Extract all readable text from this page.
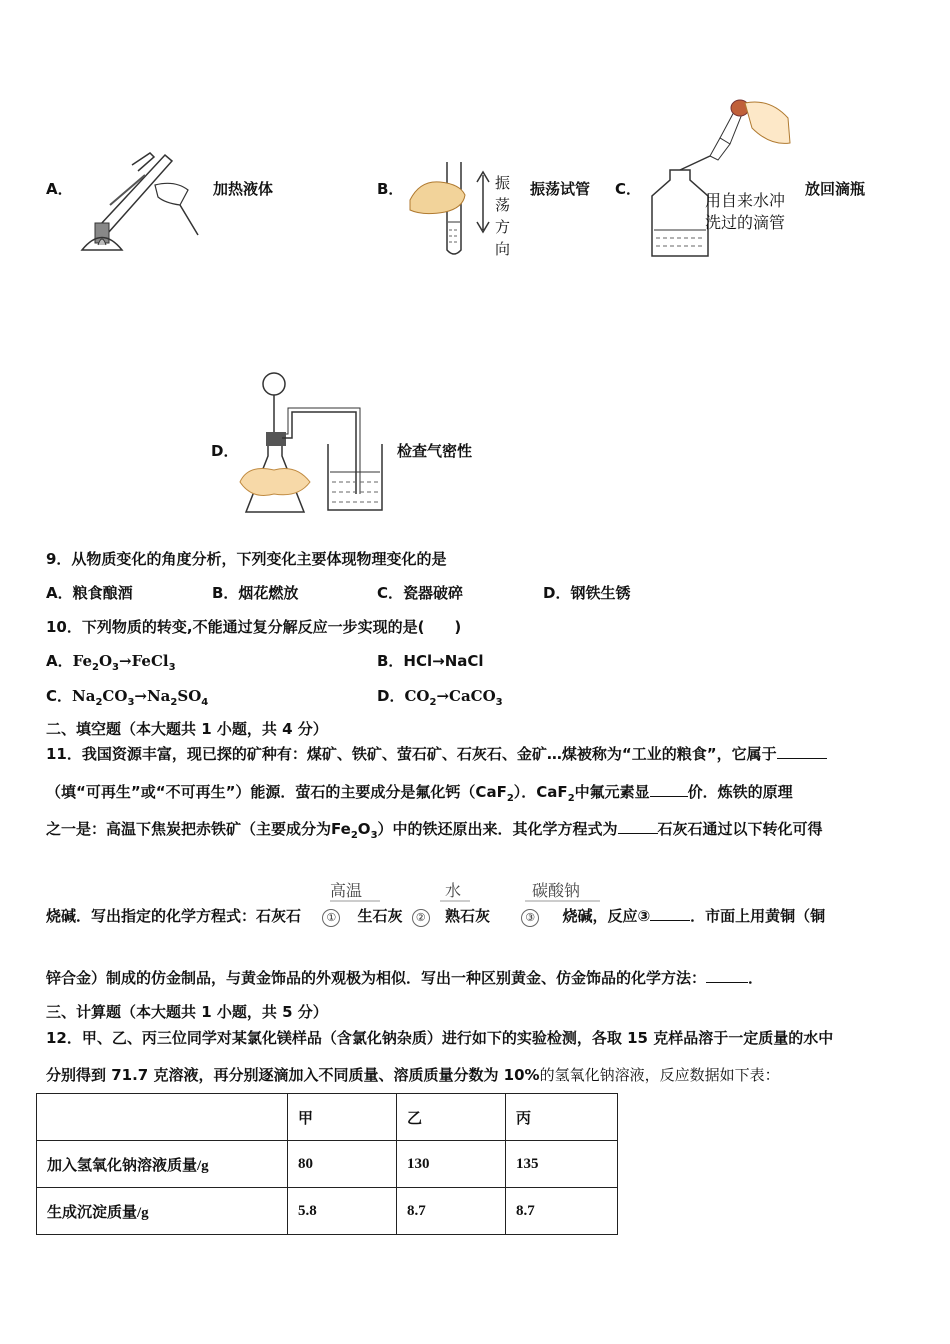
A．	加热液体	B．	振
荡
方
向
振荡试管 C．
用自来水冲
洗过的滴管
放回滴瓶
D．	检查气密性
9．从物质变化的角度分析，下列变化主要体现物理变化的是
A．粮食酿酒	B．烟花燃放	C．瓷器破碎	D．钢铁生锈
10．下列物质的转变,不能通过复分解反应一步实现的是(　　)
A．$Fe_2O_3\to FeCl_3$	B．HCl→NaCl
C．$Na_2CO_3\to Na_2SO_4$	D．$CO_2\to CaCO_3$
二、填空题（本大题共 1 小题，共 4 分）
11．我国资源丰富，现已探的矿种有：煤矿、铁矿、萤石矿、石灰石、金矿…煤被称为“工业的粮食”，它属于
（填“可再生”或“不可再生”）能源．萤石的主要成分是氟化钙（CaF$_2$）．CaF$_2$中氟元素显	价．炼铁的原理
之一是：高温下焦炭把赤铁矿（主要成分为$Fe_2O_3$）中的铁还原出来．其化学方程式为	石灰石通过以下转化可得
高温	水	碳酸钠
烧碱．写出指定的化学方程式：石灰石 ① 生石灰 ② 熟石灰	③ 烧碱，反应③	．市面上用黄铜（铜
锌合金）制成的仿金制品，与黄金饰品的外观极为相似．写出一种区别黄金、仿金饰品的化学方法：	．
三、计算题（本大题共 1 小题，共 5 分）
12．甲、乙、丙三位同学对某氯化镁样品（含氯化钠杂质）进行如下的实验检测，各取 15 克样品溶于一定质量的水中
分别得到 71.7 克溶液，再分别逐滴加入不同质量、溶质质量分数为 10%的氢氧化钠溶液，反应数据如下表：
	甲	乙	丙
加入氢氧化钠溶液质量/g	80	130	135
生成沉淀质量/g	5.8	8.7	8.7
